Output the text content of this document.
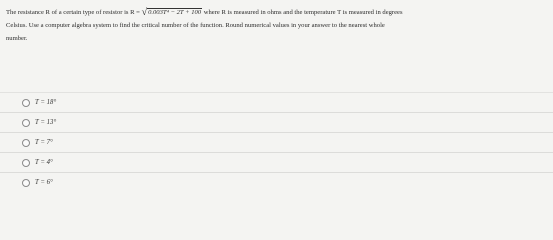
The resistance R of a certain type of resistor is R = √0.003T⁴ − 2T + 100 where R is measured in ohms and the temperature T is measured in degrees
Celsius. Use a computer algebra system to find the critical number of the function. Round numerical values in your answer to the nearest whole
number.
T = 18°
T = 13°
T = 7°
T = 4°
T = 6°
